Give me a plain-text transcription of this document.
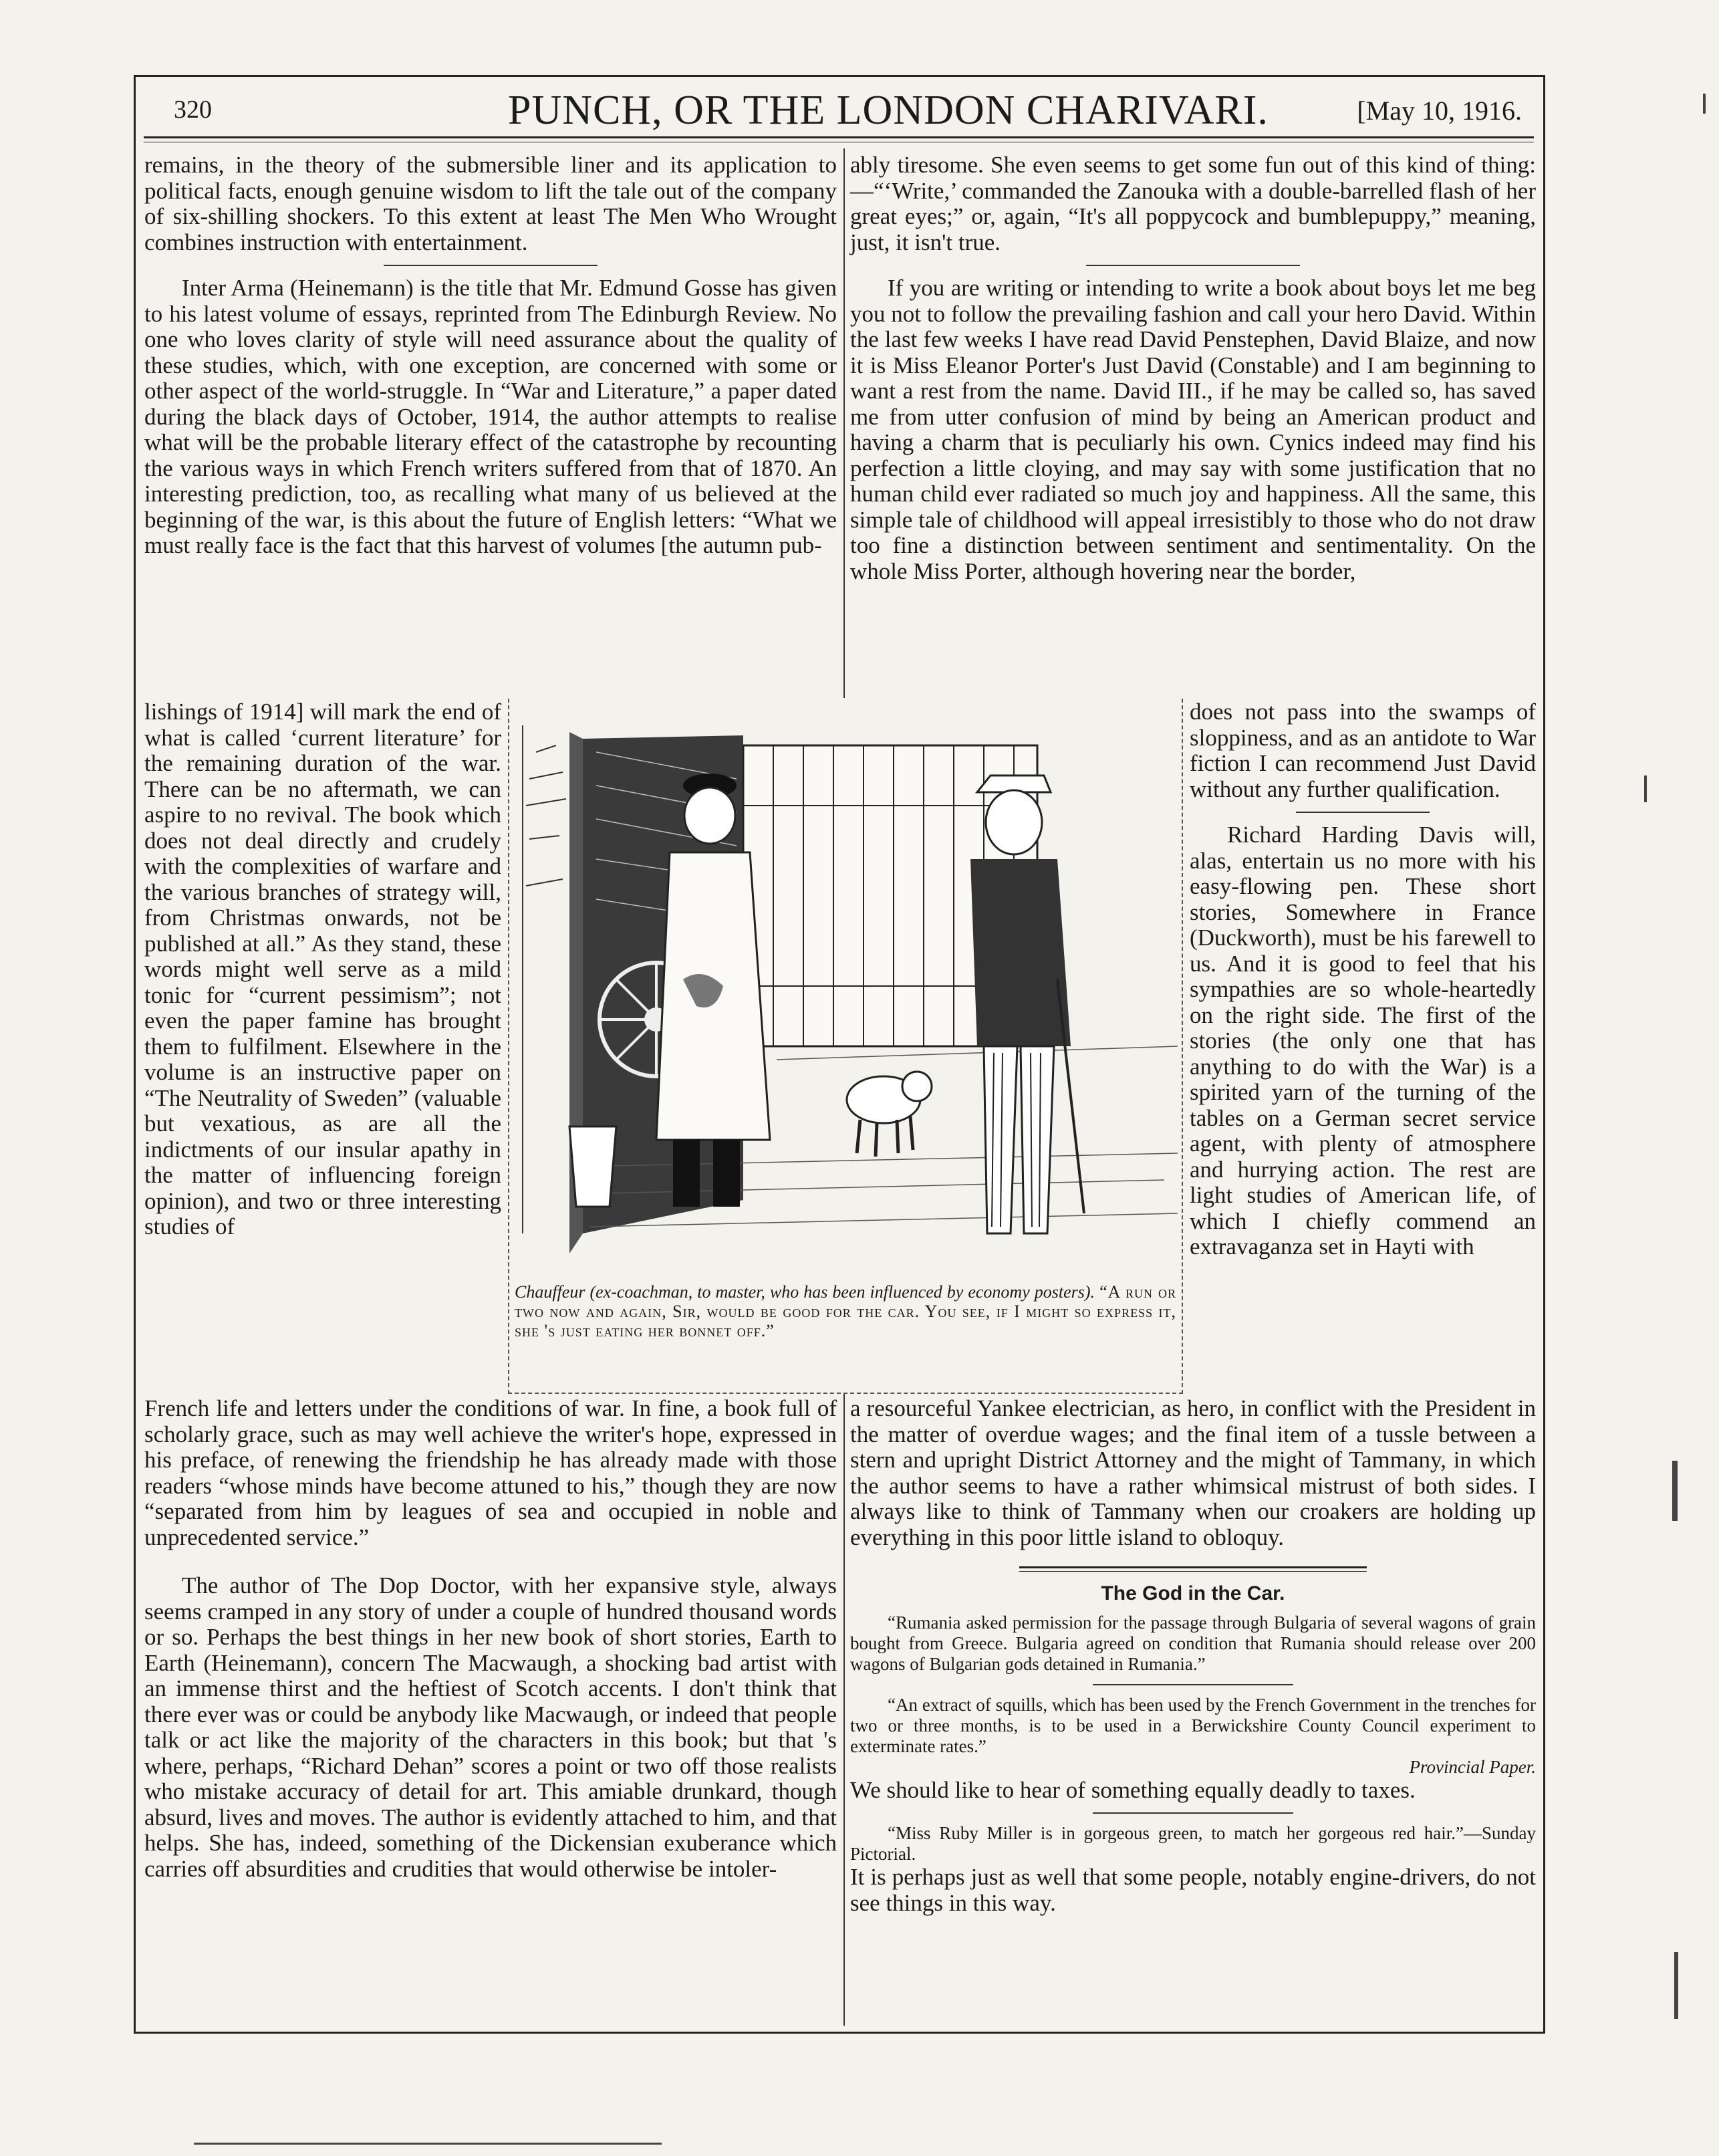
320	PUNCH, OR THE LONDON CHARIVARI.	[May 10, 1916.

remains, in the theory of the submersible liner and its application to political facts, enough genuine wisdom to lift the tale out of the company of six-shilling shockers. To this extent at least The Men Who Wrought combines instruction with entertainment.

Inter Arma (Heinemann) is the title that Mr. Edmund Gosse has given to his latest volume of essays, reprinted from The Edinburgh Review. No one who loves clarity of style will need assurance about the quality of these studies, which, with one exception, are concerned with some or other aspect of the world-struggle. In “War and Literature,” a paper dated during the black days of October, 1914, the author attempts to realise what will be the probable literary effect of the catastrophe by recounting the various ways in which French writers suffered from that of 1870. An interesting prediction, too, as recalling what many of us believed at the beginning of the war, is this about the future of English letters: “What we must really face is the fact that this harvest of volumes [the autumn pub-

lishings of 1914] will mark the end of what is called ‘current literature’ for the remaining duration of the war. There can be no aftermath, we can aspire to no revival. The book which does not deal directly and crudely with the complexities of warfare and the various branches of strategy will, from Christmas onwards, not be published at all.” As they stand, these words might well serve as a mild tonic for “current pessimism”; not even the paper famine has brought them to fulfilment. Elsewhere in the volume is an instructive paper on “The Neutrality of Sweden” (valuable but vexatious, as are all the indictments of our insular apathy in the matter of influencing foreign opinion), and two or three interesting studies of

French life and letters under the conditions of war. In fine, a book full of scholarly grace, such as may well achieve the writer's hope, expressed in his preface, of renewing the friendship he has already made with those readers “whose minds have become attuned to his,” though they are now “separated from him by leagues of sea and occupied in noble and unprecedented service.”

The author of The Dop Doctor, with her expansive style, always seems cramped in any story of under a couple of hundred thousand words or so. Perhaps the best things in her new book of short stories, Earth to Earth (Heinemann), concern The Macwaugh, a shocking bad artist with an immense thirst and the heftiest of Scotch accents. I don't think that there ever was or could be anybody like Macwaugh, or indeed that people talk or act like the majority of the characters in this book; but that 's where, perhaps, “Richard Dehan” scores a point or two off those realists who mistake accuracy of detail for art. This amiable drunkard, though absurd, lives and moves. The author is evidently attached to him, and that helps. She has, indeed, something of the Dickensian exuberance which carries off absurdities and crudities that would otherwise be intoler-

ably tiresome. She even seems to get some fun out of this kind of thing:—“‘Write,’ commanded the Zanouka with a double-barrelled flash of her great eyes;” or, again, “It's all poppycock and bumblepuppy,” meaning, just, it isn't true.

If you are writing or intending to write a book about boys let me beg you not to follow the prevailing fashion and call your hero David. Within the last few weeks I have read David Penstephen, David Blaize, and now it is Miss Eleanor Porter's Just David (Constable) and I am beginning to want a rest from the name. David III., if he may be called so, has saved me from utter confusion of mind by being an American product and having a charm that is peculiarly his own. Cynics indeed may find his perfection a little cloying, and may say with some justification that no human child ever radiated so much joy and happiness. All the same, this simple tale of childhood will appeal irresistibly to those who do not draw too fine a distinction between sentiment and sentimentality. On the whole Miss Porter, although hovering near the border,

does not pass into the swamps of sloppiness, and as an antidote to War fiction I can recommend Just David without any further qualification.

Richard Harding Davis will, alas, entertain us no more with his easy-flowing pen. These short stories, Somewhere in France (Duckworth), must be his farewell to us. And it is good to feel that his sympathies are so whole-heartedly on the right side. The first of the stories (the only one that has anything to do with the War) is a spirited yarn of the turning of the tables on a German secret service agent, with plenty of atmosphere and hurrying action. The rest are light studies of American life, of which I chiefly commend an extravaganza set in Hayti with

a resourceful Yankee electrician, as hero, in conflict with the President in the matter of overdue wages; and the final item of a tussle between a stern and upright District Attorney and the might of Tammany, in which the author seems to have a rather whimsical mistrust of both sides. I always like to think of Tammany when our croakers are holding up everything in this poor little island to obloquy.

The God in the Car.

“Rumania asked permission for the passage through Bulgaria of several wagons of grain bought from Greece. Bulgaria agreed on condition that Rumania should release over 200 wagons of Bulgarian gods detained in Rumania.”

“An extract of squills, which has been used by the French Government in the trenches for two or three months, is to be used in a Berwickshire County Council experiment to exterminate rates.”

Provincial Paper.

We should like to hear of something equally deadly to taxes.

“Miss Ruby Miller is in gorgeous green, to match her gorgeous red hair.”—Sunday Pictorial.

It is perhaps just as well that some people, notably engine-drivers, do not see things in this way.

Chauffeur (ex-coachman, to master, who has been influenced by economy posters). “A run or two now and again, Sir, would be good for the car. You see, if I might so express it, she 's just eating her bonnet off.”
